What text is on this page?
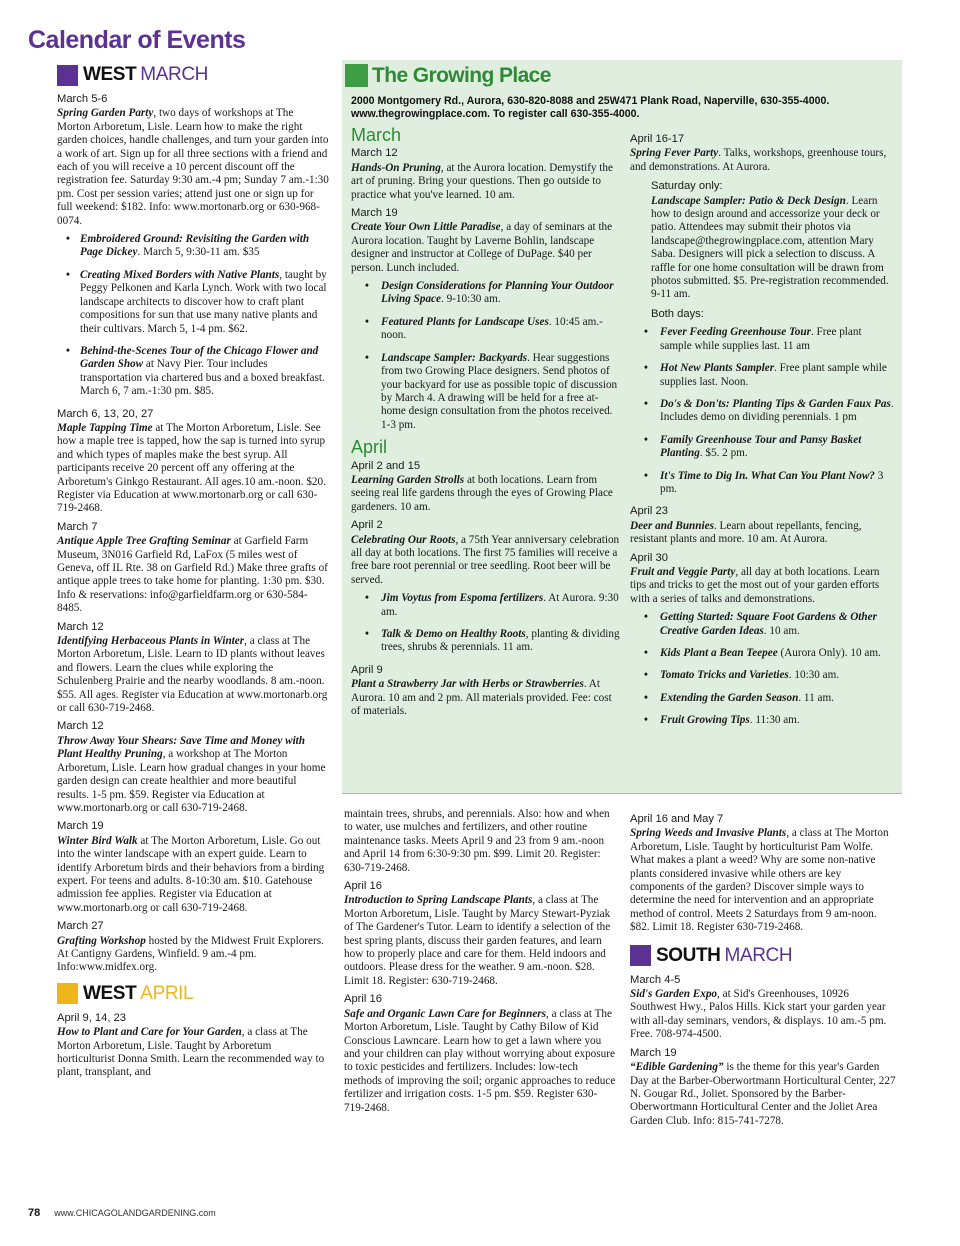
Calendar of Events
WEST MARCH
March 5-6
Spring Garden Party, two days of workshops at The Morton Arboretum, Lisle. Learn how to make the right garden choices, handle challenges, and turn your garden into a work of art. Sign up for all three sections with a friend and each of you will receive a 10 percent discount off the registration fee. Saturday 9:30 am.-4 pm; Sunday 7 am.-1:30 pm. Cost per session varies; attend just one or sign up for full weekend: $182. Info: www.mortonarb.org or 630-968-0074.
• Embroidered Ground: Revisiting the Garden with Page Dickey. March 5, 9:30-11 am. $35
• Creating Mixed Borders with Native Plants, taught by Peggy Pelkonen and Karla Lynch. Work with two local landscape architects to discover how to craft plant compositions for sun that use many native plants and their cultivars. March 5, 1-4 pm. $62.
• Behind-the-Scenes Tour of the Chicago Flower and Garden Show at Navy Pier. Tour includes transportation via chartered bus and a boxed breakfast. March 6, 7 am.-1:30 pm. $85.
March 6, 13, 20, 27
Maple Tapping Time at The Morton Arboretum, Lisle. See how a maple tree is tapped, how the sap is turned into syrup and which types of maples make the best syrup. All participants receive 20 percent off any offering at the Arboretum's Ginkgo Restaurant. All ages.10 am.-noon. $20. Register via Education at www.mortonarb.org or call 630-719-2468.
March 7
Antique Apple Tree Grafting Seminar at Garfield Farm Museum, 3N016 Garfield Rd, LaFox (5 miles west of Geneva, off IL Rte. 38 on Garfield Rd.) Make three grafts of antique apple trees to take home for planting. 1:30 pm. $30. Info & reservations: info@garfieldfarm.org or 630-584-8485.
March 12
Identifying Herbaceous Plants in Winter, a class at The Morton Arboretum, Lisle. Learn to ID plants without leaves and flowers. Learn the clues while exploring the Schulenberg Prairie and the nearby woodlands. 8 am.-noon. $55. All ages. Register via Education at www.mortonarb.org or call 630-719-2468.
March 12
Throw Away Your Shears: Save Time and Money with Plant Healthy Pruning, a workshop at The Morton Arboretum, Lisle. Learn how gradual changes in your home garden design can create healthier and more beautiful results. 1-5 pm. $59. Register via Education at www.mortonarb.org or call 630-719-2468.
March 19
Winter Bird Walk at The Morton Arboretum, Lisle. Go out into the winter landscape with an expert guide. Learn to identify Arboretum birds and their behaviors from a birding expert. For teens and adults. 8-10:30 am. $10. Gatehouse admission fee applies. Register via Education at www.mortonarb.org or call 630-719-2468.
March 27
Grafting Workshop hosted by the Midwest Fruit Explorers. At Cantigny Gardens, Winfield. 9 am.-4 pm. Info:www.midfex.org.
WEST APRIL
April 9, 14, 23
How to Plant and Care for Your Garden, a class at The Morton Arboretum, Lisle. Taught by Arboretum horticulturist Donna Smith. Learn the recommended way to plant, transplant, and
The Growing Place
2000 Montgomery Rd., Aurora, 630-820-8088 and 25W471 Plank Road, Naperville, 630-355-4000. www.thegrowingplace.com. To register call 630-355-4000.
March
March 12
Hands-On Pruning, at the Aurora location. Demystify the art of pruning. Bring your questions. Then go outside to practice what you've learned. 10 am.
March 19
Create Your Own Little Paradise, a day of seminars at the Aurora location. Taught by Laverne Bohlin, landscape designer and instructor at College of DuPage. $40 per person. Lunch included.
• Design Considerations for Planning Your Outdoor Living Space. 9-10:30 am.
• Featured Plants for Landscape Uses. 10:45 am.-noon.
• Landscape Sampler: Backyards. Hear suggestions from two Growing Place designers. Send photos of your backyard for use as possible topic of discussion by March 4. A drawing will be held for a free at-home design consultation from the photos received. 1-3 pm.
April
April 2 and 15
Learning Garden Strolls at both locations. Learn from seeing real life gardens through the eyes of Growing Place gardeners. 10 am.
April 2
Celebrating Our Roots, a 75th Year anniversary celebration all day at both locations. The first 75 families will receive a free bare root perennial or tree seedling. Root beer will be served.
• Jim Voytus from Espoma fertilizers. At Aurora. 9:30 am.
• Talk & Demo on Healthy Roots, planting & dividing trees, shrubs & perennials. 11 am.
April 9
Plant a Strawberry Jar with Herbs or Strawberries. At Aurora. 10 am and 2 pm. All materials provided. Fee: cost of materials.
April 16-17
Spring Fever Party. Talks, workshops, greenhouse tours, and demonstrations. At Aurora.
Saturday only:
Landscape Sampler: Patio & Deck Design. Learn how to design around and accessorize your deck or patio. Attendees may submit their photos via landscape@thegrowingplace.com, attention Mary Saba. Designers will pick a selection to discuss. A raffle for one home consultation will be drawn from photos submitted. $5. Pre-registration recommended. 9-11 am.
Both days:
• Fever Feeding Greenhouse Tour. Free plant sample while supplies last. 11 am
• Hot New Plants Sampler. Free plant sample while supplies last. Noon.
• Do's & Don'ts: Planting Tips & Garden Faux Pas. Includes demo on dividing perennials. 1 pm
• Family Greenhouse Tour and Pansy Basket Planting. $5. 2 pm.
• It's Time to Dig In. What Can You Plant Now? 3 pm.
April 23
Deer and Bunnies. Learn about repellants, fencing, resistant plants and more. 10 am. At Aurora.
April 30
Fruit and Veggie Party, all day at both locations. Learn tips and tricks to get the most out of your garden efforts with a series of talks and demonstrations.
• Getting Started: Square Foot Gardens & Other Creative Garden Ideas. 10 am.
• Kids Plant a Bean Teepee (Aurora Only). 10 am.
• Tomato Tricks and Varieties. 10:30 am.
• Extending the Garden Season. 11 am.
• Fruit Growing Tips. 11:30 am.
maintain trees, shrubs, and perennials. Also: how and when to water, use mulches and fertilizers, and other routine maintenance tasks. Meets April 9 and 23 from 9 am.-noon and April 14 from 6:30-9:30 pm. $99. Limit 20. Register: 630-719-2468.
April 16
Introduction to Spring Landscape Plants, a class at The Morton Arboretum, Lisle. Taught by Marcy Stewart-Pyziak of The Gardener's Tutor. Learn to identify a selection of the best spring plants, discuss their garden features, and learn how to properly place and care for them. Held indoors and outdoors. Please dress for the weather. 9 am.-noon. $28. Limit 18. Register: 630-719-2468.
April 16
Safe and Organic Lawn Care for Beginners, a class at The Morton Arboretum, Lisle. Taught by Cathy Bilow of Kid Conscious Lawncare. Learn how to get a lawn where you and your children can play without worrying about exposure to toxic pesticides and fertilizers. Includes: low-tech methods of improving the soil; organic approaches to reduce fertilizer and irrigation costs. 1-5 pm. $59. Register 630-719-2468.
April 16 and May 7
Spring Weeds and Invasive Plants, a class at The Morton Arboretum, Lisle. Taught by horticulturist Pam Wolfe. What makes a plant a weed? Why are some non-native plants considered invasive while others are key components of the garden? Discover simple ways to determine the need for intervention and an appropriate method of control. Meets 2 Saturdays from 9 am-noon. $82. Limit 18. Register 630-719-2468.
SOUTH MARCH
March 4-5
Sid's Garden Expo, at Sid's Greenhouses, 10926 Southwest Hwy., Palos Hills. Kick start your garden year with all-day seminars, vendors, & displays. 10 am.-5 pm. Free. 708-974-4500.
March 19
“Edible Gardening” is the theme for this year's Garden Day at the Barber-Oberwortmann Horticultural Center, 227 N. Gougar Rd., Joliet. Sponsored by the Barber-Oberwortmann Horticultural Center and the Joliet Area Garden Club. Info: 815-741-7278.
78 www.CHICAGOLANDGARDENING.com
